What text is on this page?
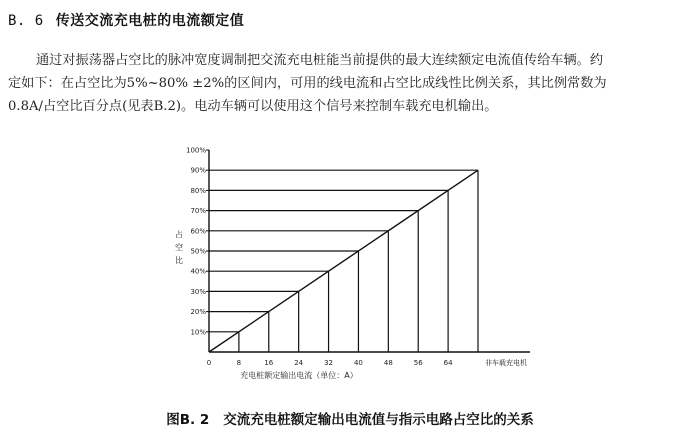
B. 6 传送交流充电桩的电流额定值
通过对振荡器占空比的脉冲宽度调制把交流充电桩能当前提供的最大连续额定电流值传给车辆。约
定如下：在占空比为5%~80% ±2%的区间内，可用的线电流和占空比成线性比例关系，其比例常数为
0.8A/占空比百分点(见表B.2)。电动车辆可以使用这个信号来控制车载充电机输出。
10%
20%
30%
40%
50%
60%
70%
80%
90%
100%
0	8	16	24	32	40	48	56	64	非车载充电机
充电桩额定输出电流（单位：A）
占空比
图B. 2 交流充电桩额定输出电流值与指示电路占空比的关系
